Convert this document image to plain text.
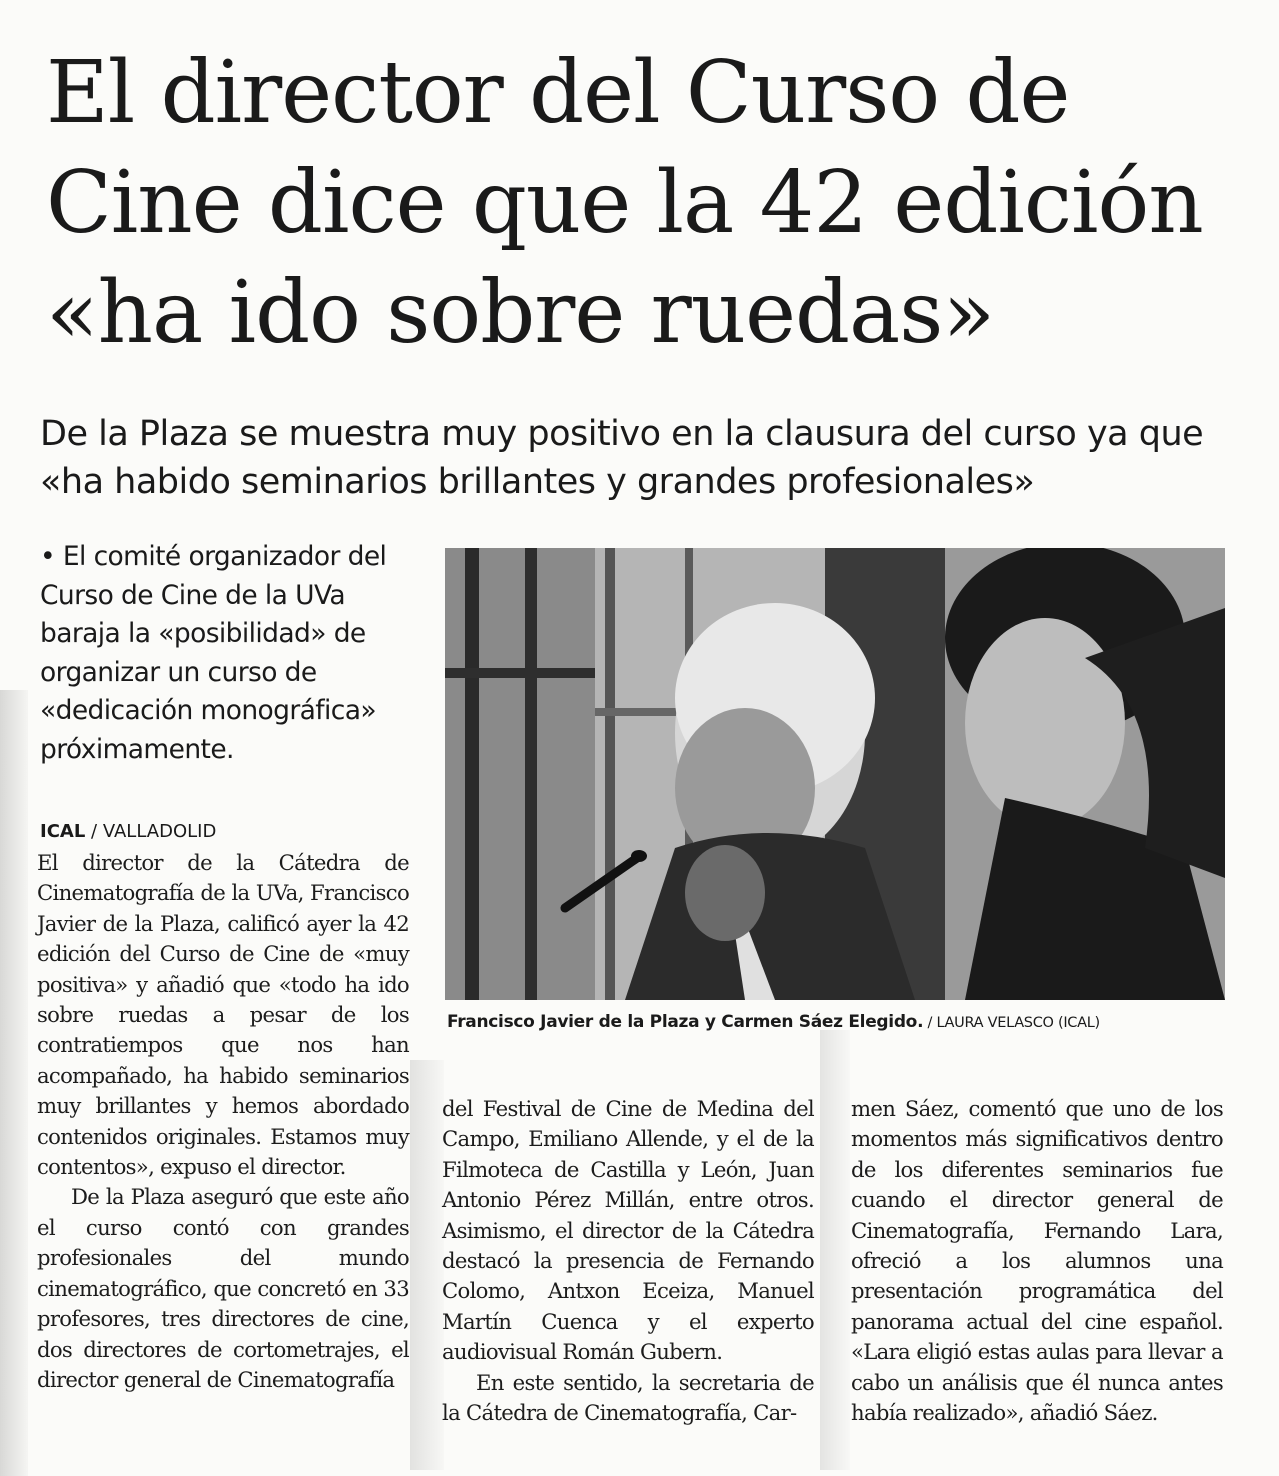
El director del Curso de Cine dice que la 42 edición «ha ido sobre ruedas»
De la Plaza se muestra muy positivo en la clausura del curso ya que «ha habido seminarios brillantes y grandes profesionales»

• El comité organizador del Curso de Cine de la UVa baraja la «posibilidad» de organizar un curso de «dedicación monográfica» próximamente.

Francisco Javier de la Plaza y Carmen Sáez Elegido. / LAURA VELASCO (ICAL)
ICAL / VALLADOLID

El director de la Cátedra de Cinematografía de la UVa, Francisco Javier de la Plaza, calificó ayer la 42 edición del Curso de Cine de «muy positiva» y añadió que «todo ha ido sobre ruedas a pesar de los contratiempos que nos han acompañado, ha habido seminarios muy brillantes y hemos abordado contenidos originales. Estamos muy contentos», expuso el director.

De la Plaza aseguró que este año el curso contó con grandes profesionales del mundo cinematográfico, que concretó en 33 profesores, tres directores de cine, dos directores de cortometrajes, el director general de Cinematografía

del Festival de Cine de Medina del Campo, Emiliano Allende, y el de la Filmoteca de Castilla y León, Juan Antonio Pérez Millán, entre otros. Asimismo, el director de la Cátedra destacó la presencia de Fernando Colomo, Antxon Eceiza, Manuel Martín Cuenca y el experto audiovisual Román Gubern.

En este sentido, la secretaria de la Cátedra de Cinematografía, Car-

men Sáez, comentó que uno de los momentos más significativos dentro de los diferentes seminarios fue cuando el director general de Cinematografía, Fernando Lara, ofreció a los alumnos una presentación programática del panorama actual del cine español. «Lara eligió estas aulas para llevar a cabo un análisis que él nunca antes había realizado», añadió Sáez.
